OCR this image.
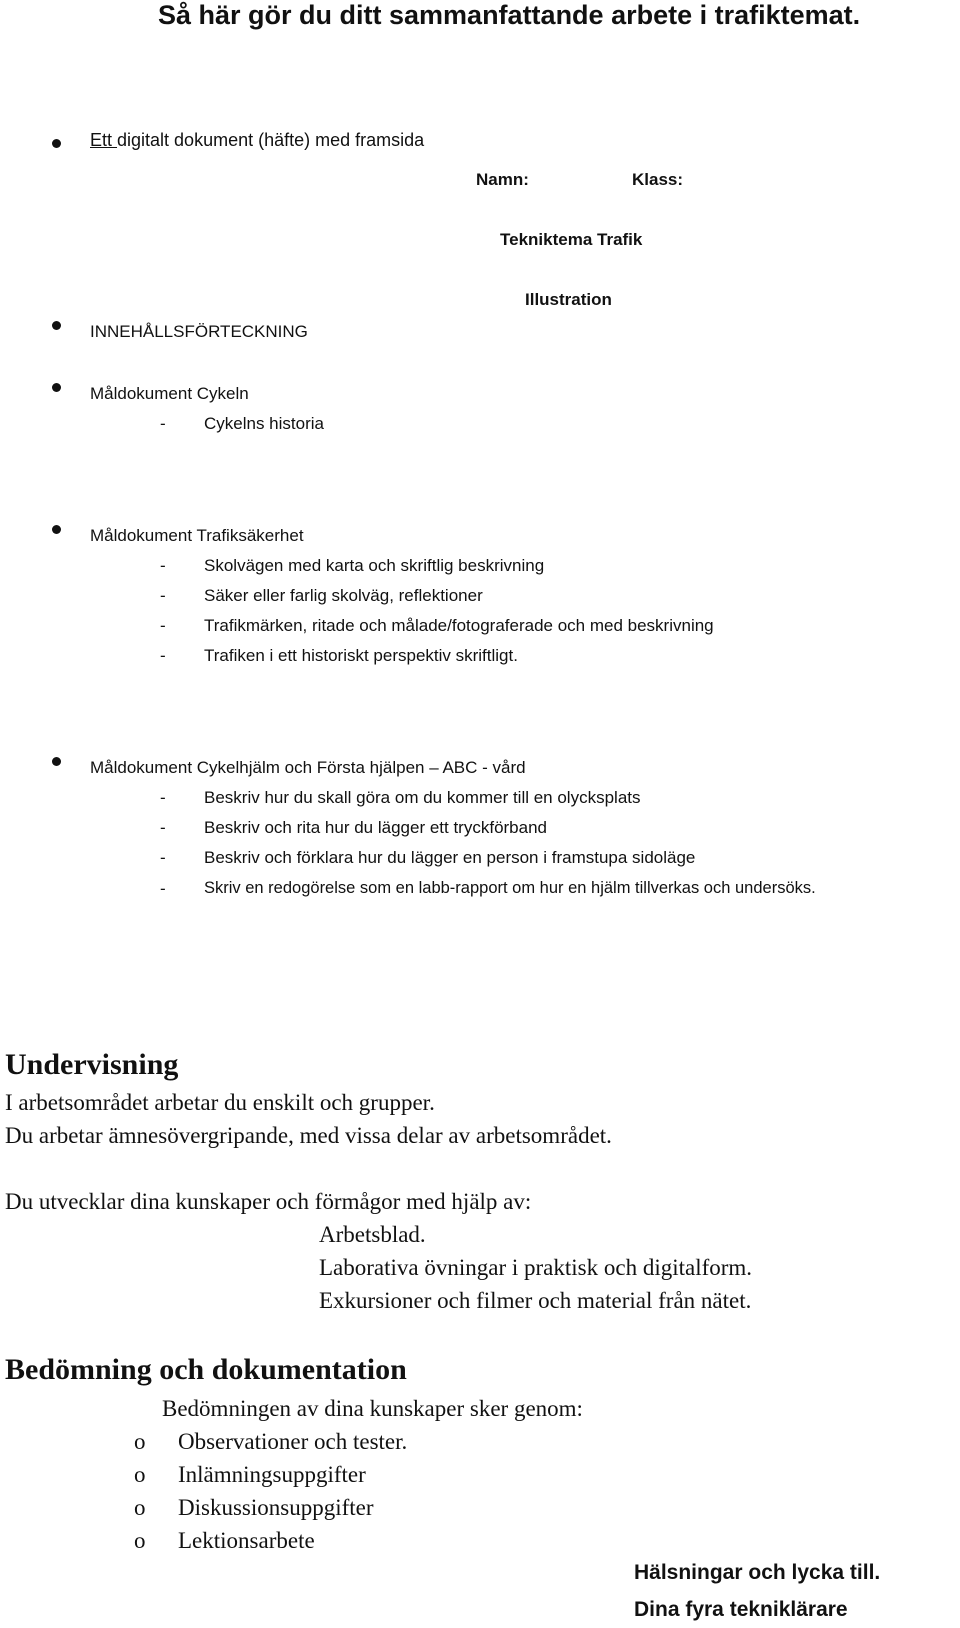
Så här gör du ditt sammanfattande arbete i trafiktemat.
Ett digitalt dokument (häfte) med framsida
Namn:	Klass:
Tekniktema Trafik
Illustration
INNEHÅLLSFÖRTECKNING
Måldokument Cykeln
- Cykelns historia
Måldokument Trafiksäkerhet
- Skolvägen med karta och skriftlig beskrivning
- Säker eller farlig skolväg, reflektioner
- Trafikmärken, ritade och målade/fotograferade och med beskrivning
- Trafiken i ett historiskt perspektiv skriftligt.
Måldokument Cykelhjälm och Första hjälpen – ABC - vård
- Beskriv hur du skall göra om du kommer till en olycksplats
- Beskriv och rita hur du lägger ett tryckförband
- Beskriv och förklara hur du lägger en person i framstupa sidoläge
- Skriv en redogörelse som en labb-rapport om hur en hjälm tillverkas och undersöks.
Undervisning
I arbetsområdet arbetar du enskilt och grupper.
Du arbetar ämnesövergripande, med vissa delar av arbetsområdet.
Du utvecklar dina kunskaper och förmågor med hjälp av:
Arbetsblad.
Laborativa övningar i praktisk och digitalform.
Exkursioner och filmer och material från nätet.
Bedömning och dokumentation
Bedömningen av dina kunskaper sker genom:
o Observationer och tester.
o Inlämningsuppgifter
o Diskussionsuppgifter
o Lektionsarbete
Hälsningar och lycka till.
Dina fyra tekniklärare
